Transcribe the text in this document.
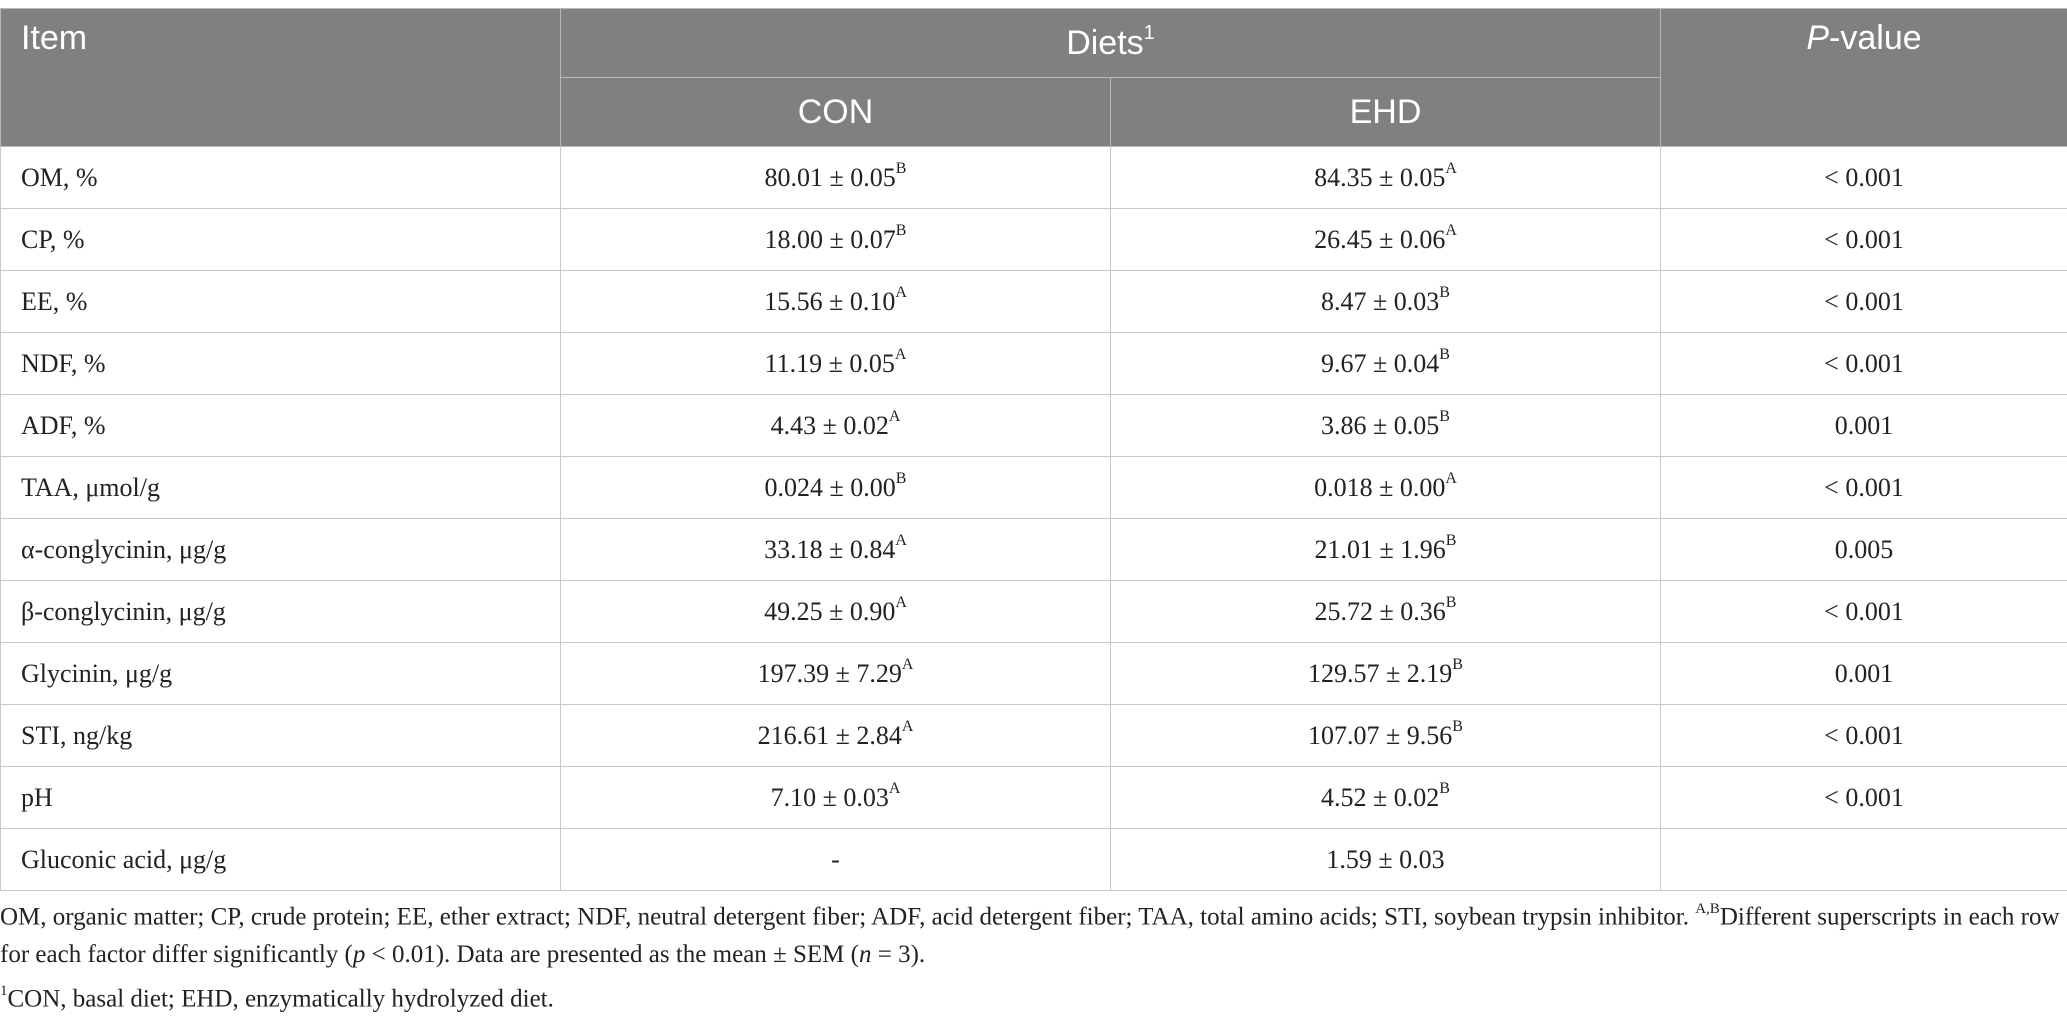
Item	Diets$^1$		P-value
	CON	EHD	
OM, %	$80.01 \pm 0.05^B$	$84.35 \pm 0.05^A$	< 0.001
CP, %	$18.00 \pm 0.07^B$	$26.45 \pm 0.06^A$	< 0.001
EE, %	$15.56 \pm 0.10^A$	$8.47 \pm 0.03^B$	< 0.001
NDF, %	$11.19 \pm 0.05^A$	$9.67 \pm 0.04^B$	< 0.001
ADF, %	$4.43 \pm 0.02^A$	$3.86 \pm 0.05^B$	0.001
TAA, μmol/g	$0.024 \pm 0.00^B$	$0.018 \pm 0.00^A$	< 0.001
α-conglycinin, μg/g	$33.18 \pm 0.84^A$	$21.01 \pm 1.96^B$	0.005
β-conglycinin, μg/g	$49.25 \pm 0.90^A$	$25.72 \pm 0.36^B$	< 0.001
Glycinin, μg/g	$197.39 \pm 7.29^A$	$129.57 \pm 2.19^B$	0.001
STI, ng/kg	$216.61 \pm 2.84^A$	$107.07 \pm 9.56^B$	< 0.001
pH	$7.10 \pm 0.03^A$	$4.52 \pm 0.02^B$	< 0.001
Gluconic acid, μg/g	-	1.59 ± 0.03	

OM, organic matter; CP, crude protein; EE, ether extract; NDF, neutral detergent fiber; ADF, acid detergent fiber; TAA, total amino acids; STI, soybean trypsin inhibitor. $^{A,B}$Different superscripts in each row for each factor differ significantly (p < 0.01). Data are presented as the mean ± SEM (n = 3).

$^1$CON, basal diet; EHD, enzymatically hydrolyzed diet.
